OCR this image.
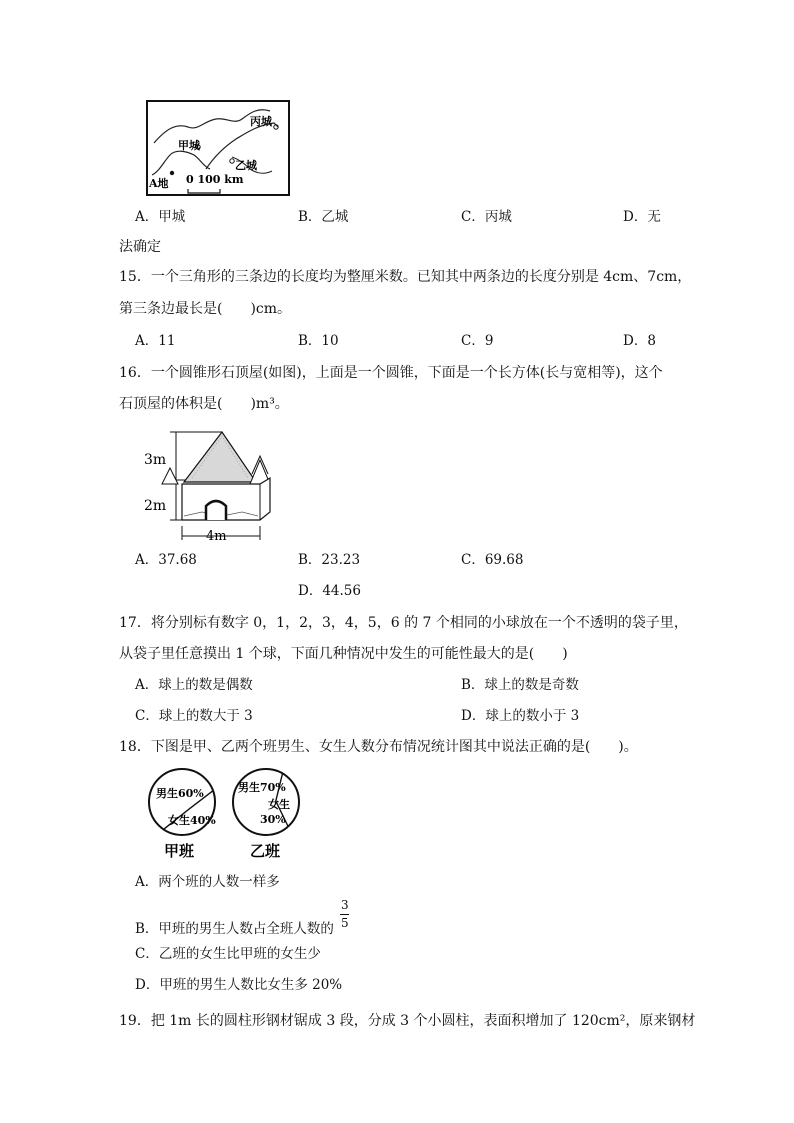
丙城
甲城
乙城
A地 0 100 km
A．甲城	B．乙城	C．丙城	D．无
法确定
15．一个三角形的三条边的长度均为整厘米数。已知其中两条边的长度分别是 4cm、7cm，
第三条边最长是(　　)cm。
A．11	B．10	C．9	D．8
16．一个圆锥形石顶屋(如图)，上面是一个圆锥，下面是一个长方体(长与宽相等)，这个
石顶屋的体积是(　　)m³。
3m
2m
4m
A．37.68	B．23.23	C．69.68
D．44.56
17．将分别标有数字 0，1，2，3，4，5，6 的 7 个相同的小球放在一个不透明的袋子里，
从袋子里任意摸出 1 个球，下面几种情况中发生的可能性最大的是(　　)
A．球上的数是偶数	B．球上的数是奇数
C．球上的数大于 3	D．球上的数小于 3
18．下图是甲、乙两个班男生、女生人数分布情况统计图其中说法正确的是(　　)。
男生60%
女生40%
甲班
男生70%
女生
30%
乙班
A．两个班的人数一样多
B．甲班的男生人数占全班人数的
3
5
C．乙班的女生比甲班的女生少
D．甲班的男生人数比女生多 20%
19．把 1m 长的圆柱形钢材锯成 3 段，分成 3 个小圆柱，表面积增加了 120cm²，原来钢材
